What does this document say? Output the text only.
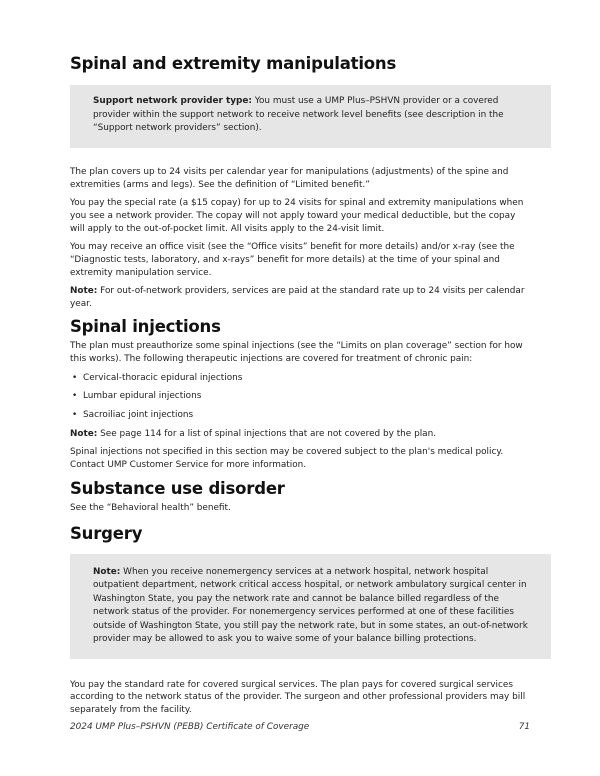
Spinal and extremity manipulations
Support network provider type: You must use a UMP Plus–PSHVN provider or a covered provider within the support network to receive network level benefits (see description in the “Support network providers” section).

The plan covers up to 24 visits per calendar year for manipulations (adjustments) of the spine and extremities (arms and legs). See the definition of “Limited benefit.”

You pay the special rate (a $15 copay) for up to 24 visits for spinal and extremity manipulations when you see a network provider. The copay will not apply toward your medical deductible, but the copay will apply to the out-of-pocket limit. All visits apply to the 24-visit limit.

You may receive an office visit (see the “Office visits” benefit for more details) and/or x-ray (see the “Diagnostic tests, laboratory, and x-rays” benefit for more details) at the time of your spinal and extremity manipulation service.

Note: For out-of-network providers, services are paid at the standard rate up to 24 visits per calendar year.

Spinal injections

The plan must preauthorize some spinal injections (see the “Limits on plan coverage” section for how this works). The following therapeutic injections are covered for treatment of chronic pain:

• Cervical-thoracic epidural injections
• Lumbar epidural injections
• Sacroiliac joint injections

Note: See page 114 for a list of spinal injections that are not covered by the plan.

Spinal injections not specified in this section may be covered subject to the plan's medical policy. Contact UMP Customer Service for more information.

Substance use disorder

See the “Behavioral health” benefit.

Surgery
Note: When you receive nonemergency services at a network hospital, network hospital outpatient department, network critical access hospital, or network ambulatory surgical center in Washington State, you pay the network rate and cannot be balance billed regardless of the network status of the provider. For nonemergency services performed at one of these facilities outside of Washington State, you still pay the network rate, but in some states, an out-of-network provider may be allowed to ask you to waive some of your balance billing protections.

You pay the standard rate for covered surgical services. The plan pays for covered surgical services according to the network status of the provider. The surgeon and other professional providers may bill separately from the facility.

2024 UMP Plus–PSHVN (PEBB) Certificate of Coverage	71
